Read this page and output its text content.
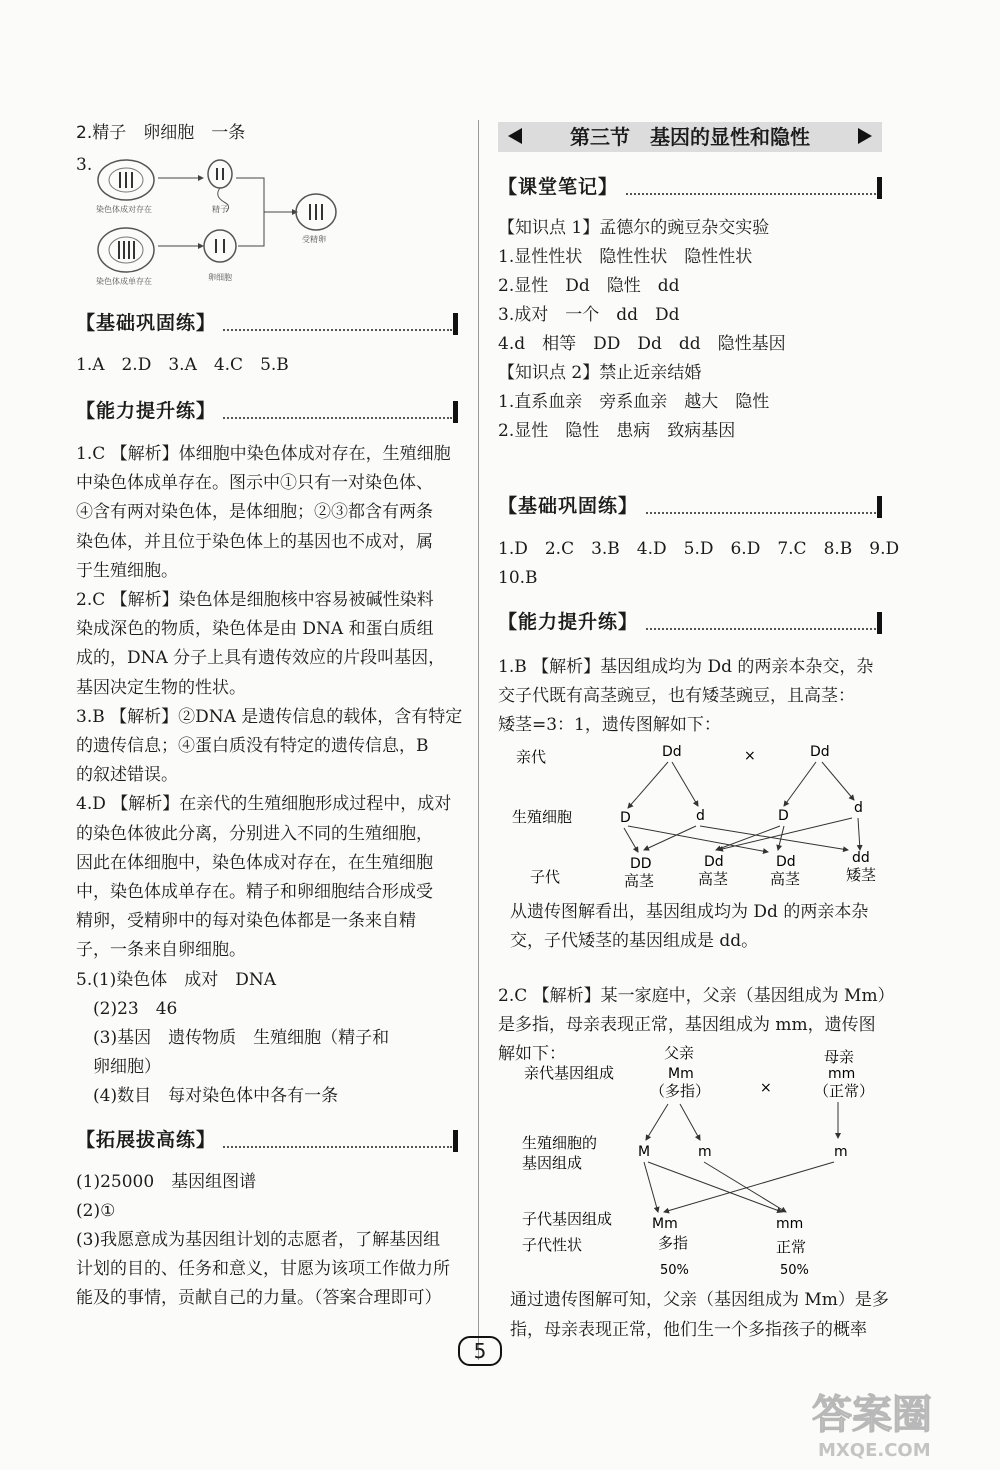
2.精子　卵细胞　一条
3.
染色体成对存在
染色体成单存在
精子
卵细胞
受精卵
【基础巩固练】
1.A　2.D　3.A　4.C　5.B
【能力提升练】
1.C 【解析】体细胞中染色体成对存在，生殖细胞
中染色体成单存在。图示中①只有一对染色体、
④含有两对染色体，是体细胞；②③都含有两条
染色体，并且位于染色体上的基因也不成对，属
于生殖细胞。
2.C 【解析】染色体是细胞核中容易被碱性染料
染成深色的物质，染色体是由 DNA 和蛋白质组
成的，DNA 分子上具有遗传效应的片段叫基因，
基因决定生物的性状。
3.B 【解析】②DNA 是遗传信息的载体，含有特定
的遗传信息；④蛋白质没有特定的遗传信息，B
的叙述错误。
4.D 【解析】在亲代的生殖细胞形成过程中，成对
的染色体彼此分离，分别进入不同的生殖细胞，
因此在体细胞中，染色体成对存在，在生殖细胞
中，染色体成单存在。精子和卵细胞结合形成受
精卵，受精卵中的每对染色体都是一条来自精
子，一条来自卵细胞。
5.(1)染色体　成对　DNA
　(2)23　46
　(3)基因　遗传物质　生殖细胞（精子和
　卵细胞）
　(4)数目　每对染色体中各有一条
【拓展拔高练】
(1)25000　基因组图谱
(2)①
(3)我愿意成为基因组计划的志愿者，了解基因组
计划的目的、任务和意义，甘愿为该项工作做力所
能及的事情，贡献自己的力量。（答案合理即可）
第三节　基因的显性和隐性
【课堂笔记】
【知识点 1】孟德尔的豌豆杂交实验
1.显性性状　隐性性状　隐性性状
2.显性　Dd　隐性　dd
3.成对　一个　dd　Dd
4.d　相等　DD　Dd　dd　隐性基因
【知识点 2】禁止近亲结婚
1.直系血亲　旁系血亲　越大　隐性
2.显性　隐性　患病　致病基因
【基础巩固练】
1.D　2.C　3.B　4.D　5.D　6.D　7.C　8.B　9.D
10.B
【能力提升练】
1.B 【解析】基因组成均为 Dd 的两亲本杂交，杂
交子代既有高茎豌豆，也有矮茎豌豆，且高茎：
矮茎=3：1，遗传图解如下：
亲代
生殖细胞
子代
Dd	×	Dd
D	d	D	d
DD	Dd	Dd	dd
高茎	高茎	高茎	矮茎
从遗传图解看出，基因组成均为 Dd 的两亲本杂
交，子代矮茎的基因组成是 dd。
2.C 【解析】某一家庭中，父亲（基因组成为 Mm）
是多指，母亲表现正常，基因组成为 mm，遗传图
解如下：
亲代基因组成
生殖细胞的
基因组成
子代基因组成
子代性状
父亲
Mm
（多指）	×
母亲
mm
（正常）
M	m	m
Mm	mm
多指	正常
50%	50%
通过遗传图解可知，父亲（基因组成为 Mm）是多
指，母亲表现正常，他们生一个多指孩子的概率
5
答案圈
MXQE.COM
